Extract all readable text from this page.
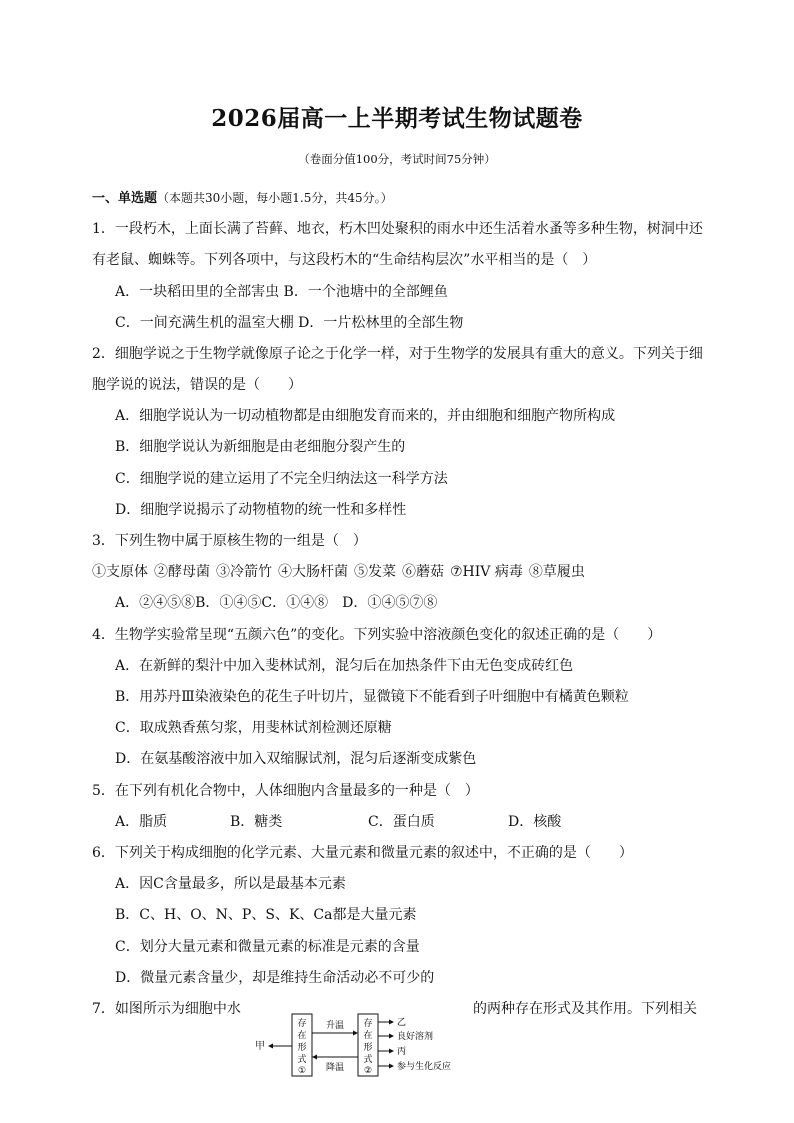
2026届高一上半期考试生物试题卷
（卷面分值100分，考试时间75分钟）
一、单选题（本题共30小题，每小题1.5分，共45分。）
1．一段朽木，上面长满了苔藓、地衣，朽木凹处聚积的雨水中还生活着水蚤等多种生物，树洞中还
有老鼠、蜘蛛等。下列各项中，与这段朽木的“生命结构层次”水平相当的是（　）
A．一块稻田里的全部害虫 B．一个池塘中的全部鲤鱼
C．一间充满生机的温室大棚 D．一片松林里的全部生物
2．细胞学说之于生物学就像原子论之于化学一样，对于生物学的发展具有重大的意义。下列关于细
胞学说的说法，错误的是（　　）
A．细胞学说认为一切动植物都是由细胞发育而来的，并由细胞和细胞产物所构成
B．细胞学说认为新细胞是由老细胞分裂产生的
C．细胞学说的建立运用了不完全归纳法这一科学方法
D．细胞学说揭示了动物植物的统一性和多样性
3．下列生物中属于原核生物的一组是（　）
①支原体 ②酵母菌 ③冷箭竹 ④大肠杆菌 ⑤发菜 ⑥蘑菇 ⑦HIV 病毒 ⑧草履虫
A．②④⑤⑧B．①④⑤C．①④⑧　D．①④⑤⑦⑧
4．生物学实验常呈现“五颜六色”的变化。下列实验中溶液颜色变化的叙述正确的是（　　）
A．在新鲜的梨汁中加入斐林试剂，混匀后在加热条件下由无色变成砖红色
B．用苏丹Ⅲ染液染色的花生子叶切片，显微镜下不能看到子叶细胞中有橘黄色颗粒
C．取成熟香蕉匀浆，用斐林试剂检测还原糖
D．在氨基酸溶液中加入双缩脲试剂，混匀后逐渐变成紫色
5．在下列有机化合物中，人体细胞内含量最多的一种是（　）
A．脂质	B．糖类	C．蛋白质	D．核酸
6．下列关于构成细胞的化学元素、大量元素和微量元素的叙述中，不正确的是（　　）
A．因C含量最多，所以是最基本元素
B．C、H、O、N、P、S、K、Ca都是大量元素
C．划分大量元素和微量元素的标准是元素的含量
D．微量元素含量少，却是维持生命活动必不可少的
7．如图所示为细胞中水	的两种存在形式及其作用。下列相关
甲
存
在
形
式
①
存
在
形
式
②
升温
降温
乙
良好溶剂
丙
参与生化反应
